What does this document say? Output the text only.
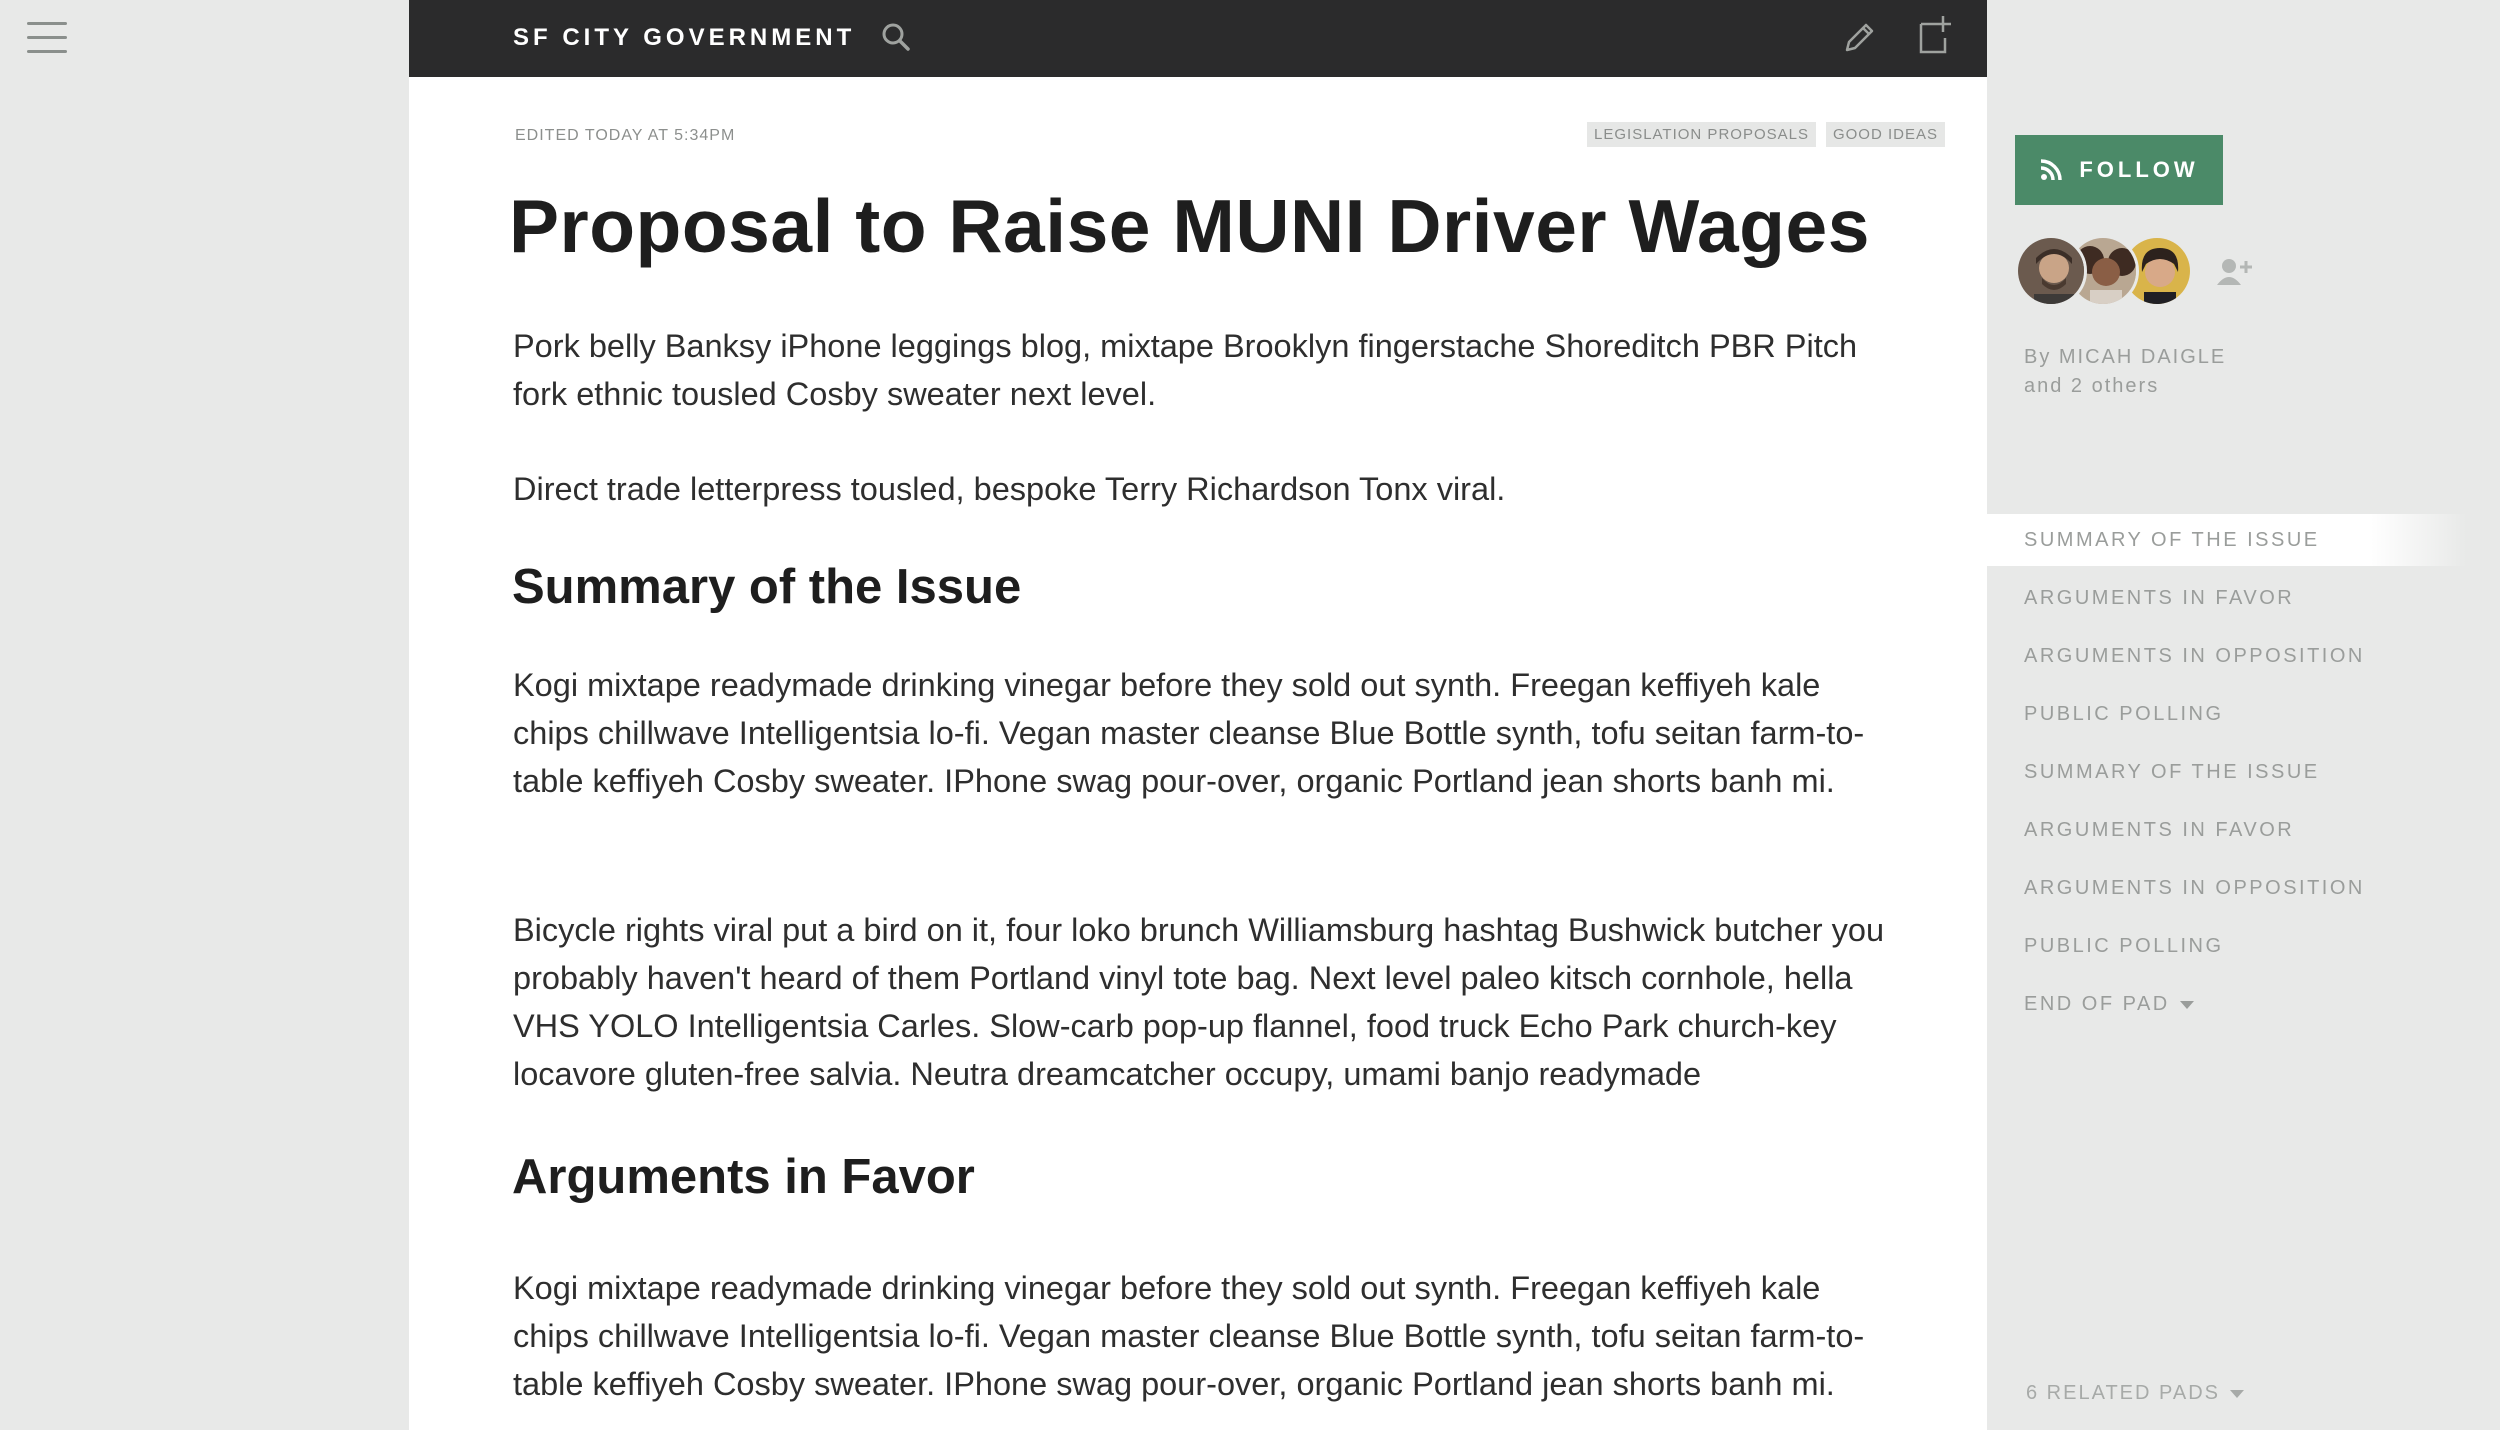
SF CITY GOVERNMENT
EDITED TODAY AT 5:34PM	LEGISLATION PROPOSALS	GOOD IDEAS
Proposal to Raise MUNI Driver Wages

Pork belly Banksy iPhone leggings blog, mixtape Brooklyn fingerstache Shoreditch PBR Pitch fork ethnic tousled Cosby sweater next level.

Direct trade letterpress tousled, bespoke Terry Richardson Tonx viral.

Summary of the Issue

Kogi mixtape readymade drinking vinegar before they sold out synth. Freegan keffiyeh kale chips chillwave Intelligentsia lo-fi. Vegan master cleanse Blue Bottle synth, tofu seitan farm-to-table keffiyeh Cosby sweater. IPhone swag pour-over, organic Portland jean shorts banh mi.

Bicycle rights viral put a bird on it, four loko brunch Williamsburg hashtag Bushwick butcher you probably haven't heard of them Portland vinyl tote bag. Next level paleo kitsch cornhole, hella VHS YOLO Intelligentsia Carles. Slow-carb pop-up flannel, food truck Echo Park church-key locavore gluten-free salvia. Neutra dreamcatcher occupy, umami banjo readymade

Arguments in Favor

Kogi mixtape readymade drinking vinegar before they sold out synth. Freegan keffiyeh kale chips chillwave Intelligentsia lo-fi. Vegan master cleanse Blue Bottle synth, tofu seitan farm-to-table keffiyeh Cosby sweater. IPhone swag pour-over, organic Portland jean shorts banh mi.

FOLLOW
By MICAH DAIGLE
and 2 others
SUMMARY OF THE ISSUE
ARGUMENTS IN FAVOR
ARGUMENTS IN OPPOSITION
PUBLIC POLLING
SUMMARY OF THE ISSUE
ARGUMENTS IN FAVOR
ARGUMENTS IN OPPOSITION
PUBLIC POLLING
END OF PAD
6 RELATED PADS
